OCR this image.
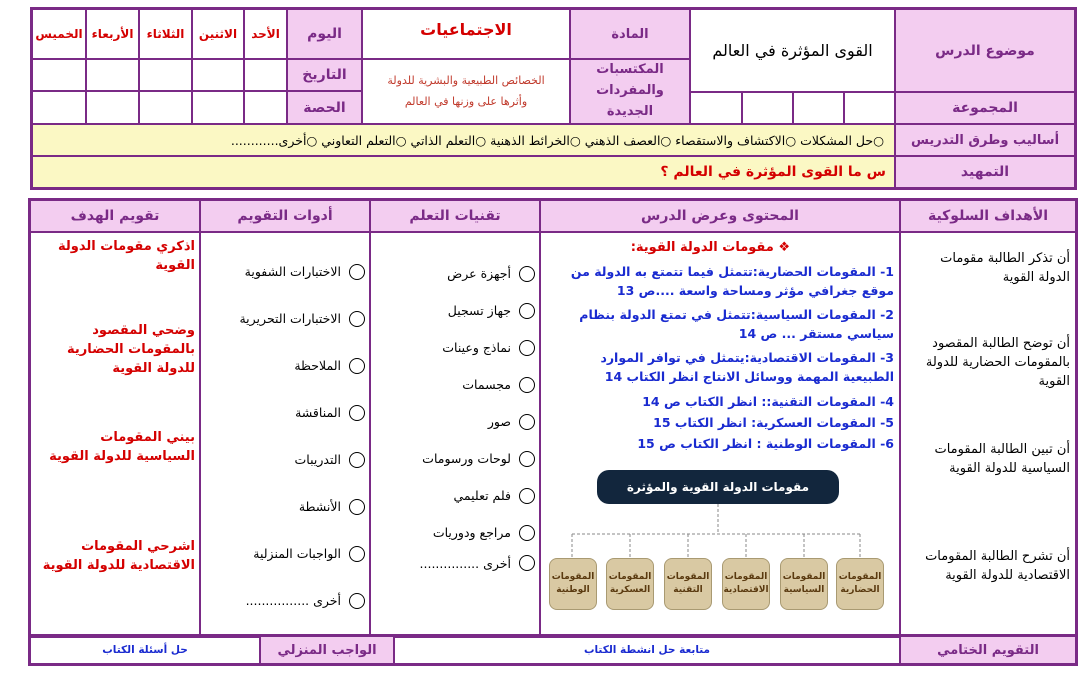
موضوع الدرس
المجموعة
أساليب وطرق التدريس
التمهيد
القوى المؤثرة في العالم
المادة
المكتسبات والمفردات الجديدة
الاجتماعيات
الخصائص الطبيعية والبشرية للدولة
وأثرها على وزنها في العالم
اليوم
التاريخ
الحصة
الأحد
الاثنين
الثلاثاء
الأربعاء
الخميس
○حل المشكلات ○الاكتشاف والاستقصاء ○العصف الذهني ○الخرائط الذهنية ○التعلم الذاتي ○التعلم التعاوني ○أخرى............
س ما القوى المؤثرة في العالم ؟
الأهداف السلوكية
المحتوى وعرض الدرس
تقنيات التعلم
أدوات التقويم
تقويم الهدف
أن تذكر الطالبة مقومات الدولة القوية
أن توضح الطالبة المقصود بالمقومات الحضارية للدولة القوية
أن تبين الطالبة المقومات السياسية للدولة القوية
أن تشرح الطالبة المقومات الاقتصادية للدولة القوية
❖ مقومات الدولة القوية:
1- المقومات الحضارية:تتمثل فيما تتمتع به الدولة من موقع جغرافي مؤثر ومساحة واسعة ....ص 13
2- المقومات السياسية:تتمثل في تمتع الدولة بنظام سياسي مستقر ... ص 14
3- المقومات الاقتصادية:يتمثل في توافر الموارد الطبيعية المهمة ووسائل الانتاج انظر الكتاب 14
4- المقومات التقنية:: انظر الكتاب ص 14
5- المقومات العسكرية: انظر الكتاب 15
6- المقومات الوطنية : انظر الكتاب ص 15
مقومات الدولة القوية والمؤثرة
المقومات الحضارية
المقومات السياسية
المقومات الاقتصادية
المقومات التقنية
المقومات العسكرية
المقومات الوطنية
أجهزة عرض
جهاز تسجيل
نماذج وعينات
مجسمات
صور
لوحات ورسومات
فلم تعليمي
مراجع ودوريات
أخرى ...............
الاختبارات الشفوية
الاختبارات التحريرية
الملاحظة
المناقشة
التدريبات
الأنشطة
الواجبات المنزلية
أخرى ................
اذكري مقومات الدولة القوية
وضحي المقصود بالمقومات الحضارية للدولة القوية
بيني المقومات السياسية للدولة القوية
اشرحي المقومات الاقتصادية للدولة القوية
التقويم الختامي
متابعة حل انشطة الكتاب
الواجب المنزلي
حل أسئلة الكتاب
